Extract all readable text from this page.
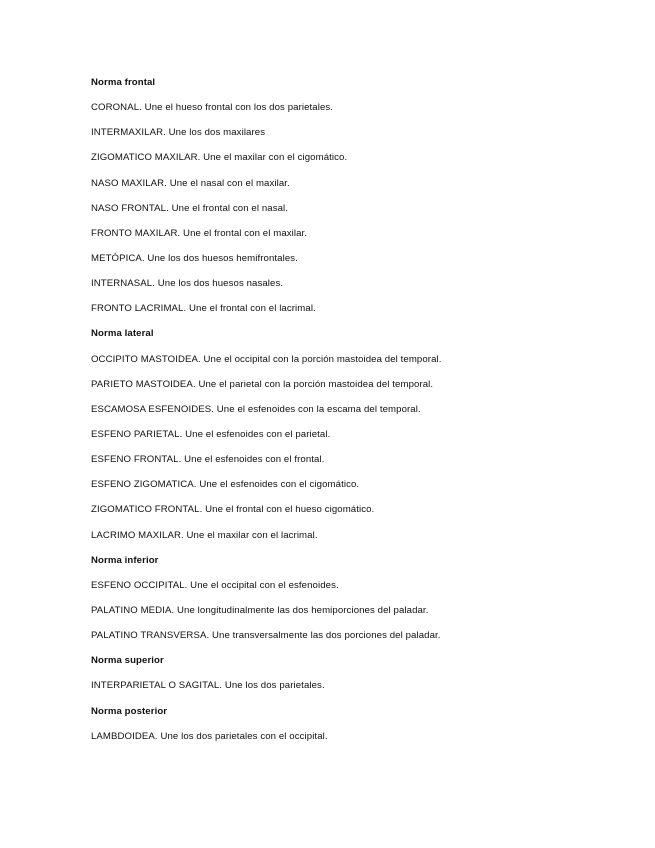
Norma frontal
CORONAL. Une el hueso frontal con los dos parietales.
INTERMAXILAR. Une los dos maxilares
ZIGOMATICO MAXILAR. Une el maxilar con el cigomático.
NASO MAXILAR. Une el nasal con el maxilar.
NASO FRONTAL. Une el frontal con el nasal.
FRONTO MAXILAR. Une el frontal con el maxilar.
METÓPICA. Une los dos huesos hemifrontales.
INTERNASAL. Une los dos huesos nasales.
FRONTO LACRIMAL. Une el frontal con el lacrimal.
Norma lateral
OCCIPITO MASTOIDEA. Une el occipital con la porción mastoidea del temporal.
PARIETO MASTOIDEA. Une el parietal con la porción mastoidea del temporal.
ESCAMOSA ESFENOIDES. Une el esfenoides con la escama del temporal.
ESFENO PARIETAL. Une el esfenoides con el parietal.
ESFENO FRONTAL. Une el esfenoides con el frontal.
ESFENO ZIGOMATICA. Une el esfenoides con el cigomático.
ZIGOMATICO FRONTAL. Une el frontal con el hueso cigomático.
LACRIMO MAXILAR. Une el maxilar con el lacrimal.
Norma inferior
ESFENO OCCIPITAL. Une el occipital con el esfenoides.
PALATINO MEDIA. Une longitudinalmente las dos hemiporciones del paladar.
PALATINO TRANSVERSA. Une transversalmente las dos porciones del paladar.
Norma superior
INTERPARIETAL O SAGITAL. Une los dos parietales.
Norma posterior
LAMBDOIDEA. Une los dos parietales con el occipital.
